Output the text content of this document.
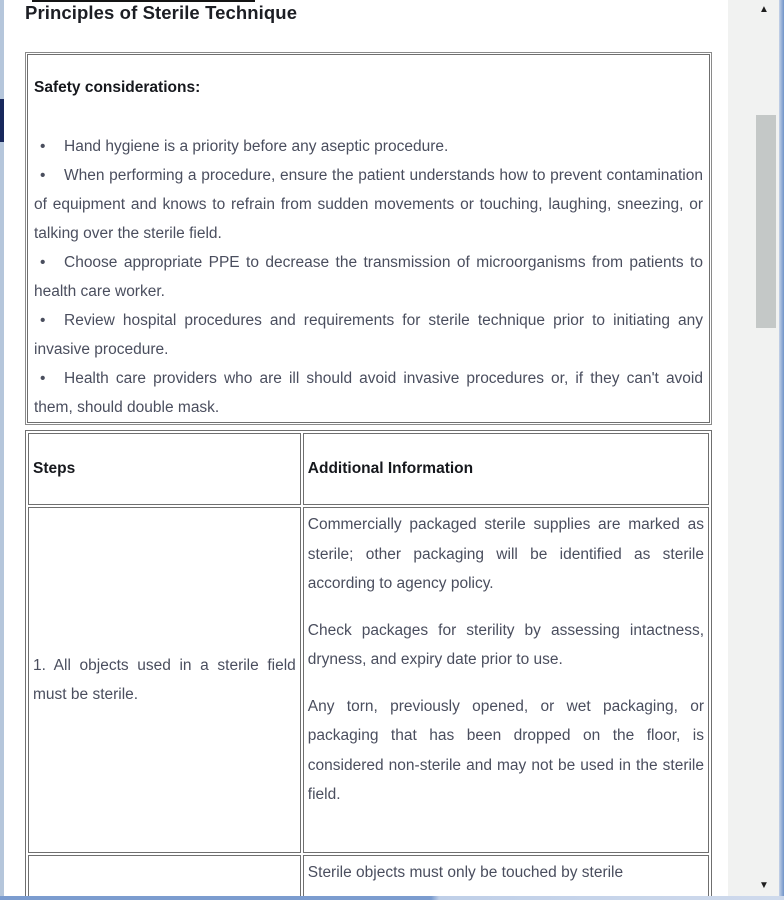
Principles of Sterile Technique

Safety considerations:

• Hand hygiene is a priority before any aseptic procedure.

• When performing a procedure, ensure the patient understands how to prevent contamination of equipment and knows to refrain from sudden movements or touching, laughing, sneezing, or talking over the sterile field.

• Choose appropriate PPE to decrease the transmission of microorganisms from patients to health care worker.

• Review hospital procedures and requirements for sterile technique prior to initiating any invasive procedure.

• Health care providers who are ill should avoid invasive procedures or, if they can't avoid them, should double mask.

Steps	Additional Information
1. All objects used in a sterile field must be sterile.	Commercially packaged sterile supplies are marked as sterile; other packaging will be identified as sterile according to agency policy.

Check packages for sterility by assessing intactness, dryness, and expiry date prior to use.

Any torn, previously opened, or wet packaging, or packaging that has been dropped on the floor, is considered non-sterile and may not be used in the sterile field.

	Sterile objects must only be touched by sterile

▲
▼
